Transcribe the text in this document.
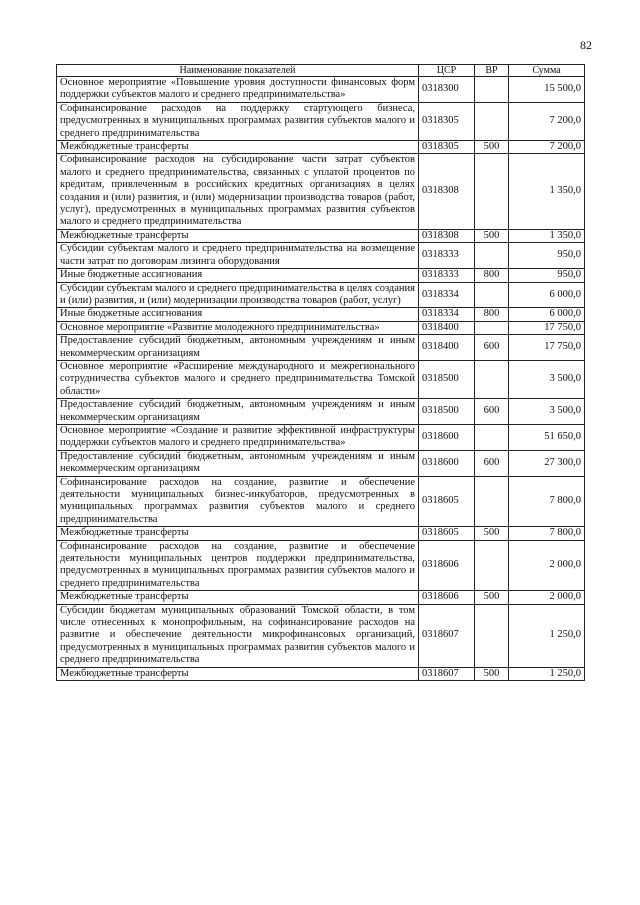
82
Наименование показателей	ЦСР	ВР	Сумма
Основное мероприятие «Повышение уровня доступности финансовых форм поддержки субъектов малого и среднего предпринимательства»	0318300		15 500,0
Софинансирование расходов на поддержку стартующего бизнеса, предусмотренных в муниципальных программах развития субъектов малого и среднего предпринимательства	0318305		7 200,0
Межбюджетные трансферты	0318305	500	7 200,0
Софинансирование расходов на субсидирование части затрат субъектов малого и среднего предпринимательства, связанных с уплатой процентов по кредитам, привлеченным в российских кредитных организациях в целях создания и (или) развития, и (или) модернизации производства товаров (работ, услуг), предусмотренных в муниципальных программах развития субъектов малого и среднего предпринимательства	0318308		1 350,0
Межбюджетные трансферты	0318308	500	1 350,0
Субсидии субъектам малого и среднего предпринимательства на возмещение части затрат по договорам лизинга оборудования	0318333		950,0
Иные бюджетные ассигнования	0318333	800	950,0
Субсидии субъектам малого и среднего предпринимательства в целях создания и (или) развития, и (или) модернизации производства товаров (работ, услуг)	0318334		6 000,0
Иные бюджетные ассигнования	0318334	800	6 000,0
Основное мероприятие «Развитие молодежного предпринимательства»	0318400		17 750,0
Предоставление субсидий бюджетным, автономным учреждениям и иным некоммерческим организациям	0318400	600	17 750,0
Основное мероприятие «Расширение международного и межрегионального сотрудничества субъектов малого и среднего предпринимательства Томской области»	0318500		3 500,0
Предоставление субсидий бюджетным, автономным учреждениям и иным некоммерческим организациям	0318500	600	3 500,0
Основное мероприятие «Создание и развитие эффективной инфраструктуры поддержки субъектов малого и среднего предпринимательства»	0318600		51 650,0
Предоставление субсидий бюджетным, автономным учреждениям и иным некоммерческим организациям	0318600	600	27 300,0
Софинансирование расходов на создание, развитие и обеспечение деятельности муниципальных бизнес-инкубаторов, предусмотренных в муниципальных программах развития субъектов малого и среднего предпринимательства	0318605		7 800,0
Межбюджетные трансферты	0318605	500	7 800,0
Софинансирование расходов на создание, развитие и обеспечение деятельности муниципальных центров поддержки предпринимательства, предусмотренных в муниципальных программах развития субъектов малого и среднего предпринимательства	0318606		2 000,0
Межбюджетные трансферты	0318606	500	2 000,0
Субсидии бюджетам муниципальных образований Томской области, в том числе отнесенных к монопрофильным, на софинансирование расходов на развитие и обеспечение деятельности микрофинансовых организаций, предусмотренных в муниципальных программах развития субъектов малого и среднего предпринимательства	0318607		1 250,0
Межбюджетные трансферты	0318607	500	1 250,0
